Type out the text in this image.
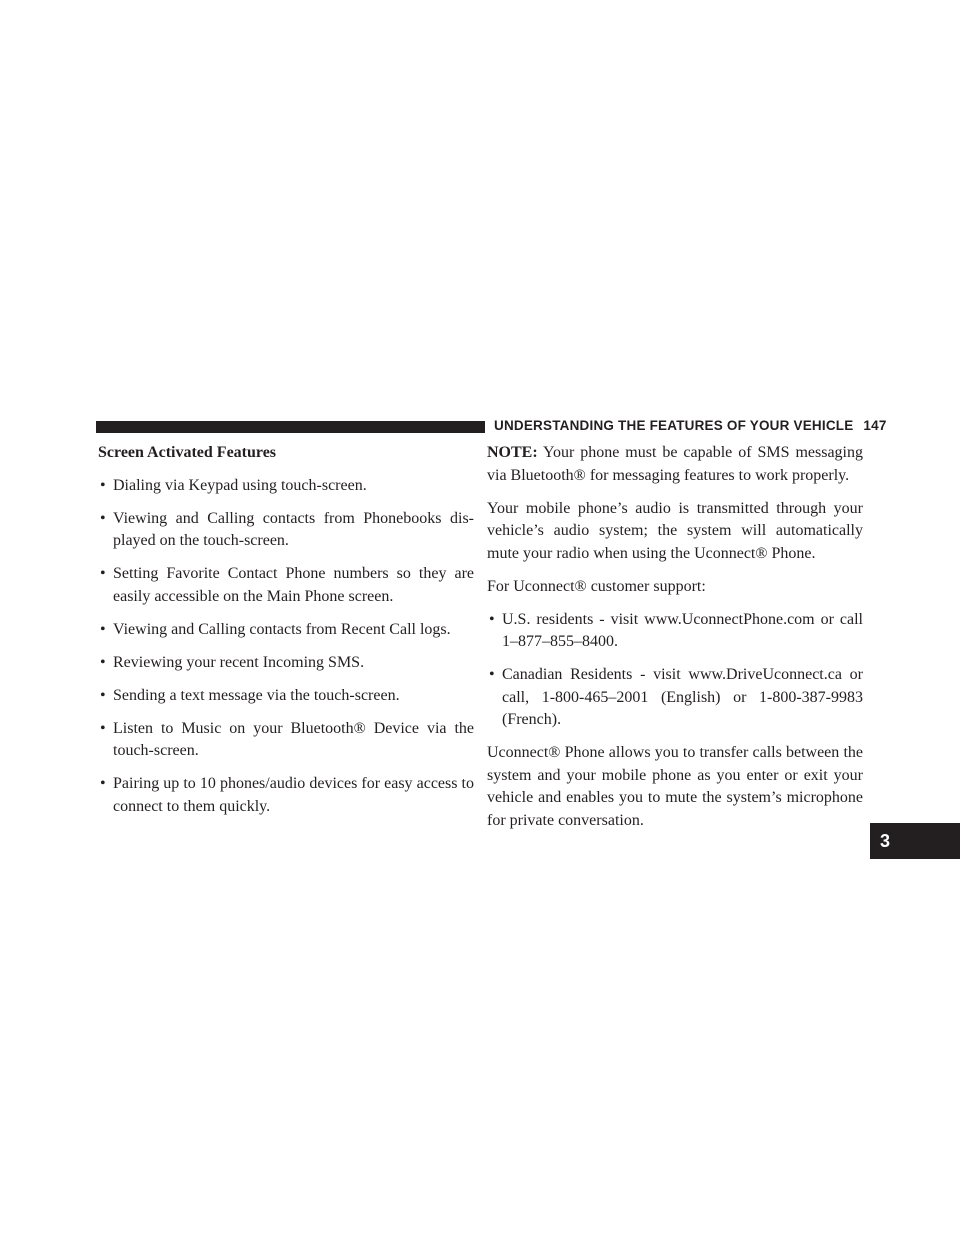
UNDERSTANDING THE FEATURES OF YOUR VEHICLE 147
3
Screen Activated Features
• Dialing via Keypad using touch-screen.
• Viewing and Calling contacts from Phonebooks dis- played on the touch-screen.
• Setting Favorite Contact Phone numbers so they are easily accessible on the Main Phone screen.
• Viewing and Calling contacts from Recent Call logs.
• Reviewing your recent Incoming SMS.
• Sending a text message via the touch-screen.
• Listen to Music on your Bluetooth® Device via the touch-screen.
• Pairing up to 10 phones/audio devices for easy access to connect to them quickly.

NOTE: Your phone must be capable of SMS messaging via Bluetooth® for messaging features to work properly.

Your mobile phone’s audio is transmitted through your vehicle’s audio system; the system will automatically mute your radio when using the Uconnect® Phone.

For Uconnect® customer support:

• U.S. residents - visit www.UconnectPhone.com or call 1–877–855–8400.
• Canadian Residents - visit www.DriveUconnect.ca or call, 1-800-465–2001 (English) or 1-800-387-9983 (French).

Uconnect® Phone allows you to transfer calls between the system and your mobile phone as you enter or exit your vehicle and enables you to mute the system’s microphone for private conversation.
